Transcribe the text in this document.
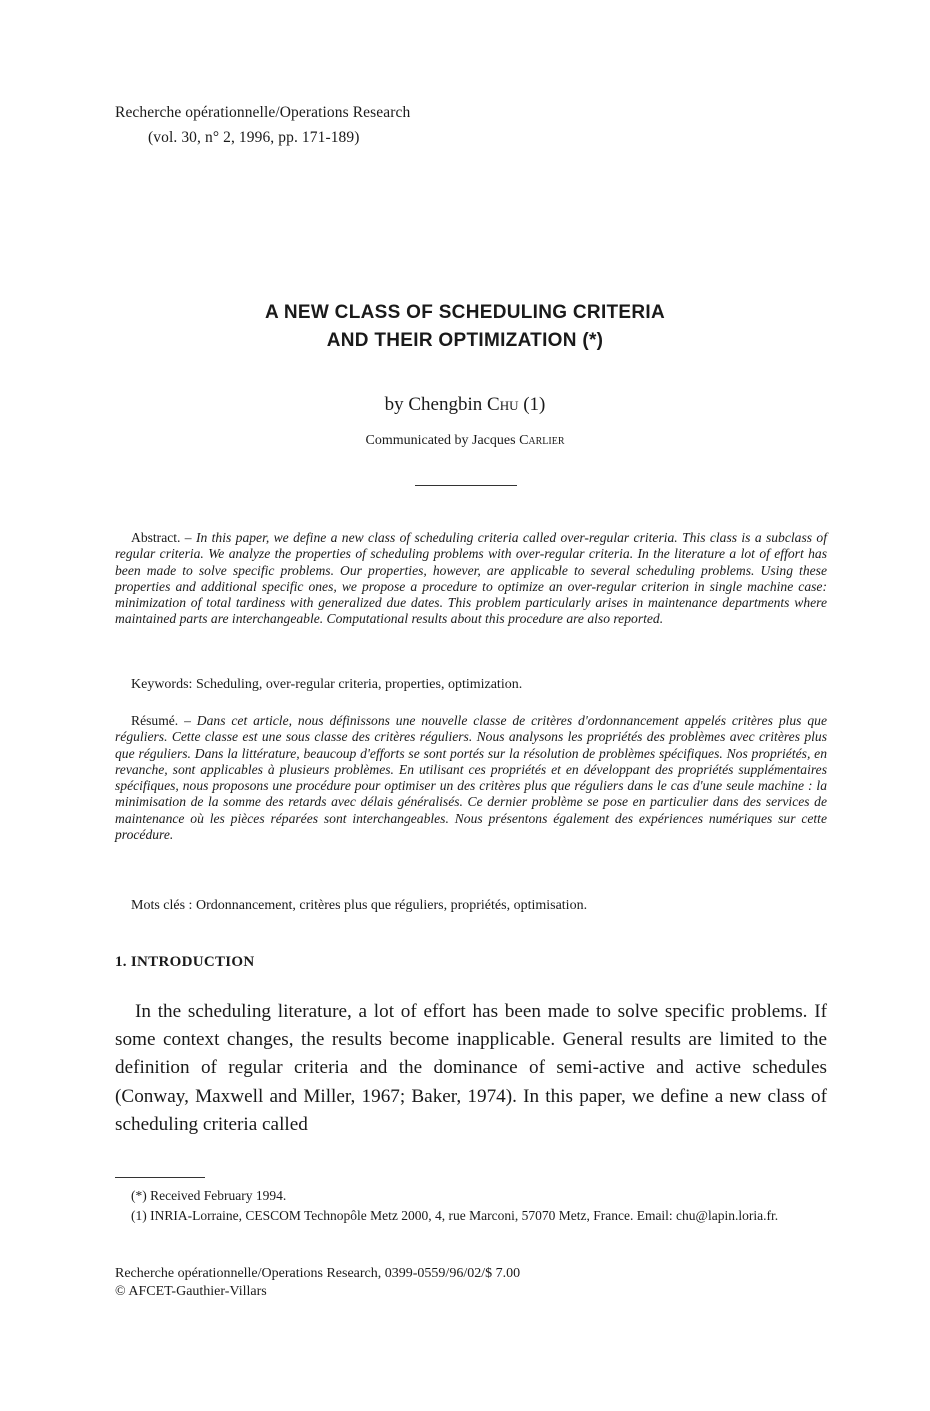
Recherche opérationnelle/Operations Research
(vol. 30, n° 2, 1996, pp. 171-189)
A NEW CLASS OF SCHEDULING CRITERIA
AND THEIR OPTIMIZATION (*)
by Chengbin Chu (1)
Communicated by Jacques Carlier
Abstract. – In this paper, we define a new class of scheduling criteria called over-regular criteria. This class is a subclass of regular criteria. We analyze the properties of scheduling problems with over-regular criteria. In the literature a lot of effort has been made to solve specific problems. Our properties, however, are applicable to several scheduling problems. Using these properties and additional specific ones, we propose a procedure to optimize an over-regular criterion in single machine case: minimization of total tardiness with generalized due dates. This problem particularly arises in maintenance departments where maintained parts are interchangeable. Computational results about this procedure are also reported.
Keywords: Scheduling, over-regular criteria, properties, optimization.
Résumé. – Dans cet article, nous définissons une nouvelle classe de critères d'ordonnancement appelés critères plus que réguliers. Cette classe est une sous classe des critères réguliers. Nous analysons les propriétés des problèmes avec critères plus que réguliers. Dans la littérature, beaucoup d'efforts se sont portés sur la résolution de problèmes spécifiques. Nos propriétés, en revanche, sont applicables à plusieurs problèmes. En utilisant ces propriétés et en développant des propriétés supplémentaires spécifiques, nous proposons une procédure pour optimiser un des critères plus que réguliers dans le cas d'une seule machine : la minimisation de la somme des retards avec délais généralisés. Ce dernier problème se pose en particulier dans des services de maintenance où les pièces réparées sont interchangeables. Nous présentons également des expériences numériques sur cette procédure.
Mots clés : Ordonnancement, critères plus que réguliers, propriétés, optimisation.
1. INTRODUCTION
In the scheduling literature, a lot of effort has been made to solve specific problems. If some context changes, the results become inapplicable. General results are limited to the definition of regular criteria and the dominance of semi-active and active schedules (Conway, Maxwell and Miller, 1967; Baker, 1974). In this paper, we define a new class of scheduling criteria called
(*) Received February 1994.
(1) INRIA-Lorraine, CESCOM Technopôle Metz 2000, 4, rue Marconi, 57070 Metz, France. Email: chu@lapin.loria.fr.
Recherche opérationnelle/Operations Research, 0399-0559/96/02/$ 7.00
© AFCET-Gauthier-Villars
